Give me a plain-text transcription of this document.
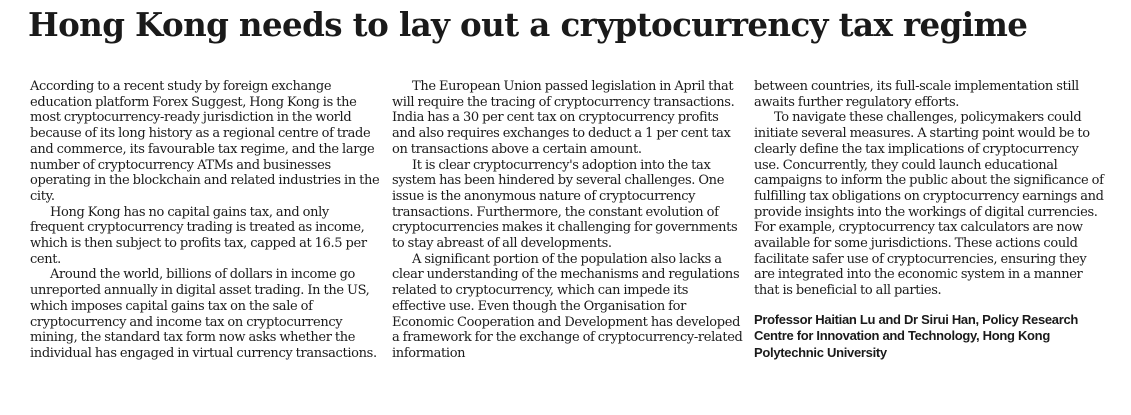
Hong Kong needs to lay out a cryptocurrency tax regime

According to a recent study by foreign exchange education platform Forex Suggest, Hong Kong is the most cryptocurrency-ready jurisdiction in the world because of its long history as a regional centre of trade and commerce, its favourable tax regime, and the large number of cryptocurrency ATMs and businesses operating in the blockchain and related industries in the city.

Hong Kong has no capital gains tax, and only frequent cryptocurrency trading is treated as income, which is then subject to profits tax, capped at 16.5 per cent.

Around the world, billions of dollars in income go unreported annually in digital asset trading. In the US, which imposes capital gains tax on the sale of cryptocurrency and income tax on cryptocurrency mining, the standard tax form now asks whether the individual has engaged in virtual currency transactions.

The European Union passed legislation in April that will require the tracing of cryptocurrency transactions. India has a 30 per cent tax on cryptocurrency profits and also requires exchanges to deduct a 1 per cent tax on transactions above a certain amount.

It is clear cryptocurrency's adoption into the tax system has been hindered by several challenges. One issue is the anonymous nature of cryptocurrency transactions. Furthermore, the constant evolution of cryptocurrencies makes it challenging for governments to stay abreast of all developments.

A significant portion of the population also lacks a clear understanding of the mechanisms and regulations related to cryptocurrency, which can impede its effective use. Even though the Organisation for Economic Cooperation and Development has developed a framework for the exchange of cryptocurrency-related information

between countries, its full-scale implementation still awaits further regulatory efforts.

To navigate these challenges, policymakers could initiate several measures. A starting point would be to clearly define the tax implications of cryptocurrency use. Concurrently, they could launch educational campaigns to inform the public about the significance of fulfilling tax obligations on cryptocurrency earnings and provide insights into the workings of digital currencies. For example, cryptocurrency tax calculators are now available for some jurisdictions. These actions could facilitate safer use of cryptocurrencies, ensuring they are integrated into the economic system in a manner that is beneficial to all parties.

Professor Haitian Lu and Dr Sirui Han, Policy Research Centre for Innovation and Technology, Hong Kong Polytechnic University
